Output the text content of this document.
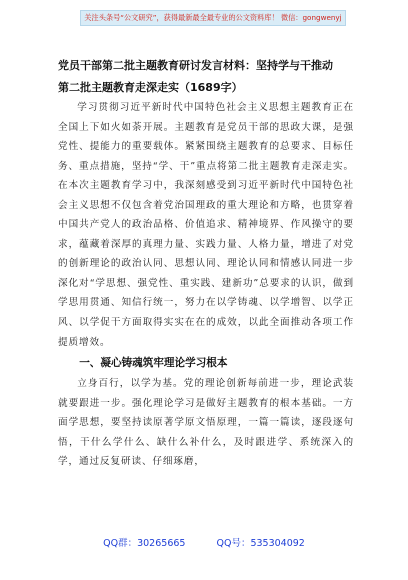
关注头条号“公文研究”，获得最新最全最专业的公文资料库！ 微信：gongwenyj
党员干部第二批主题教育研讨发言材料：坚持学与干推动
第二批主题教育走深走实（1689字）

学习贯彻习近平新时代中国特色社会主义思想主题教育正在全国上下如火如荼开展。主题教育是党员干部的思政大课，是强党性、提能力的重要载体。紧紧围绕主题教育的总要求、目标任务、重点措施，坚持“学、干”重点将第二批主题教育走深走实。在本次主题教育学习中，我深刻感受到习近平新时代中国特色社会主义思想不仅包含着党治国理政的重大理论和方略，也贯穿着中国共产党人的政治品格、价值追求、精神境界、作风操守的要求，蕴藏着深厚的真理力量、实践力量、人格力量，增进了对党的创新理论的政治认同、思想认同、理论认同和情感认同进一步深化对“学思想、强党性、重实践、建新功”总要求的认识，做到学思用贯通、知信行统一，努力在以学铸魂、以学增智、以学正风、以学促干方面取得实实在在的成效，以此全面推动各项工作提质增效。

一、凝心铸魂筑牢理论学习根本

立身百行，以学为基。党的理论创新每前进一步，理论武装就要跟进一步。强化理论学习是做好主题教育的根本基础。一方面学思想，要坚持读原著学原文悟原理，一篇一篇读，逐段逐句悟，干什么学什么、缺什么补什么，及时跟进学、系统深入的学，通过反复研读、仔细琢磨，

QQ群：30265665	QQ号：535304092
